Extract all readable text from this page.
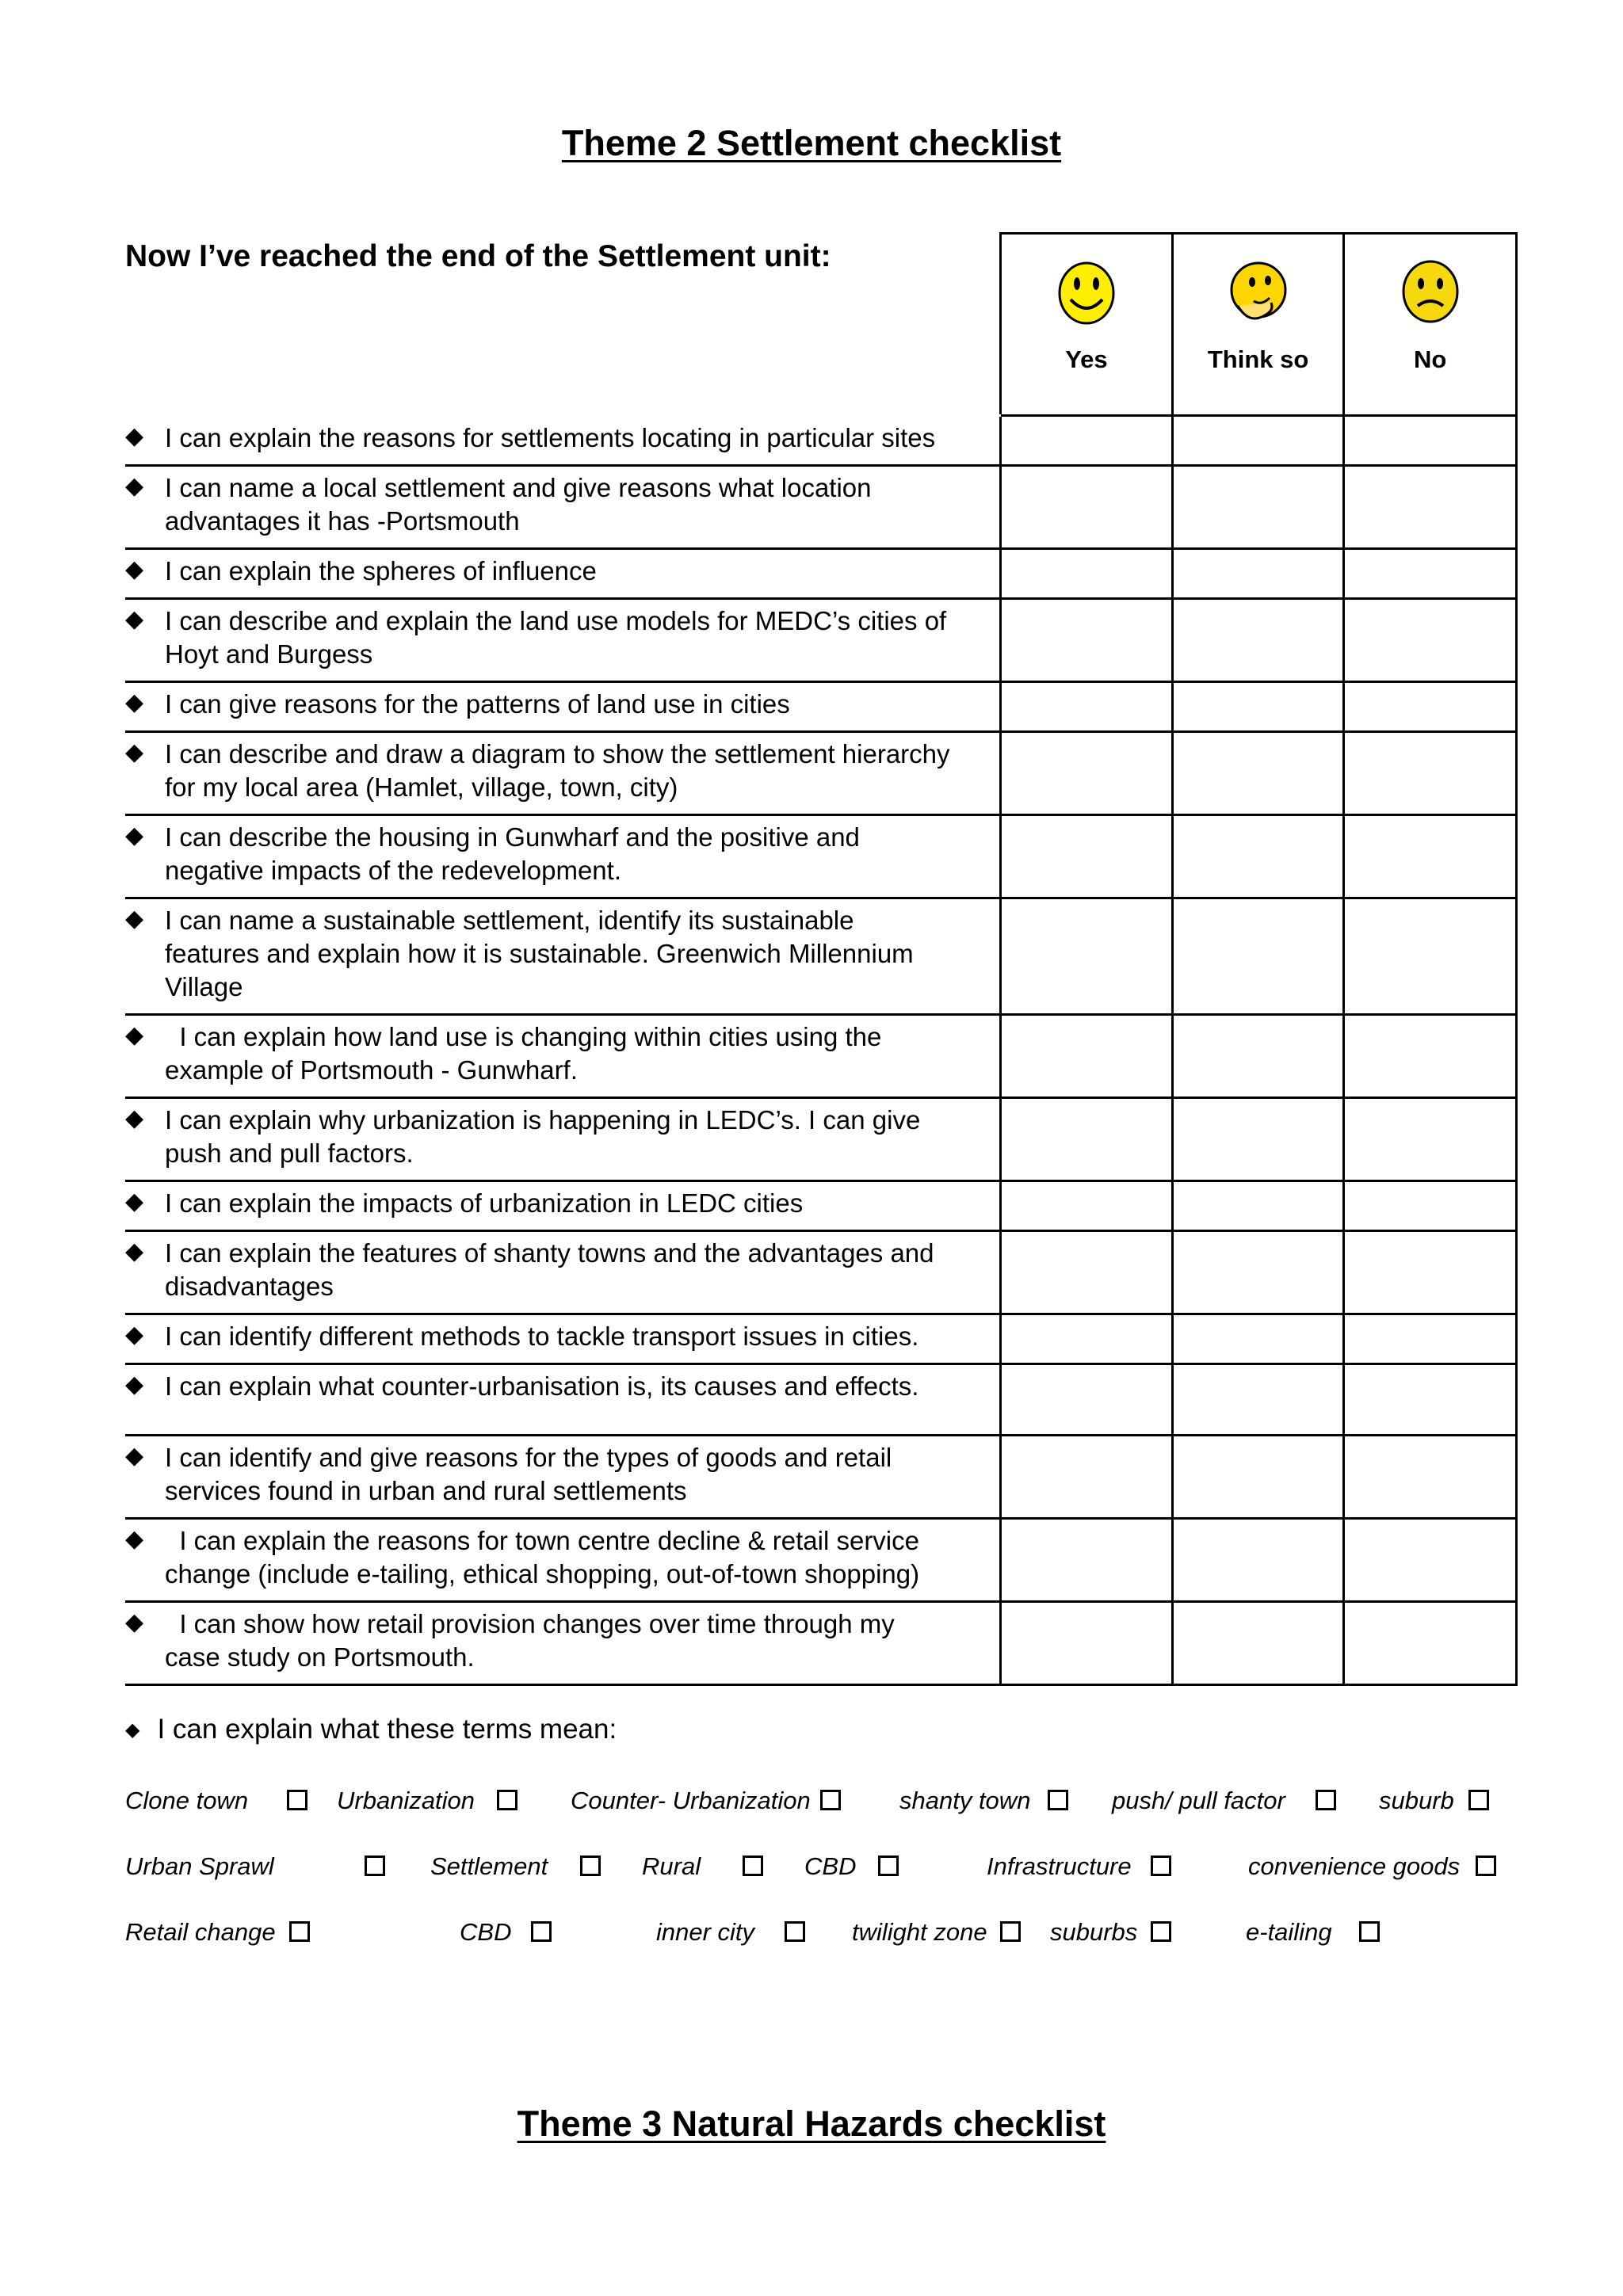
Theme 2 Settlement checklist
Now I’ve reached the end of the Settlement unit:
Yes	Think so	No
◆ I can explain the reasons for settlements locating in particular sites
◆ I can name a local settlement and give reasons what location
advantages it has -Portsmouth
◆ I can explain the spheres of influence
◆ I can describe and explain the land use models for MEDC’s cities of
Hoyt and Burgess
◆ I can give reasons for the patterns of land use in cities
◆ I can describe and draw a diagram to show the settlement hierarchy
for my local area (Hamlet, village, town, city)
◆ I can describe the housing in Gunwharf and the positive and
negative impacts of the redevelopment.
◆ I can name a sustainable settlement, identify its sustainable
features and explain how it is sustainable. Greenwich Millennium
Village
◆ I can explain how land use is changing within cities using the
example of Portsmouth - Gunwharf.
◆ I can explain why urbanization is happening in LEDC’s. I can give
push and pull factors.
◆ I can explain the impacts of urbanization in LEDC cities
◆ I can explain the features of shanty towns and the advantages and
disadvantages
◆ I can identify different methods to tackle transport issues in cities.
◆ I can explain what counter-urbanisation is, its causes and effects.
◆ I can identify and give reasons for the types of goods and retail
services found in urban and rural settlements
◆ I can explain the reasons for town centre decline & retail service
change (include e-tailing, ethical shopping, out-of-town shopping)
◆ I can show how retail provision changes over time through my
case study on Portsmouth.
◆ I can explain what these terms mean:
Clone town	Urbanization	Counter- Urbanization	shanty town	push/ pull factor	suburb
Urban Sprawl	Settlement	Rural	CBD	Infrastructure	convenience goods
Retail change	CBD	inner city	twilight zone	suburbs	e-tailing
Theme 3 Natural Hazards checklist
